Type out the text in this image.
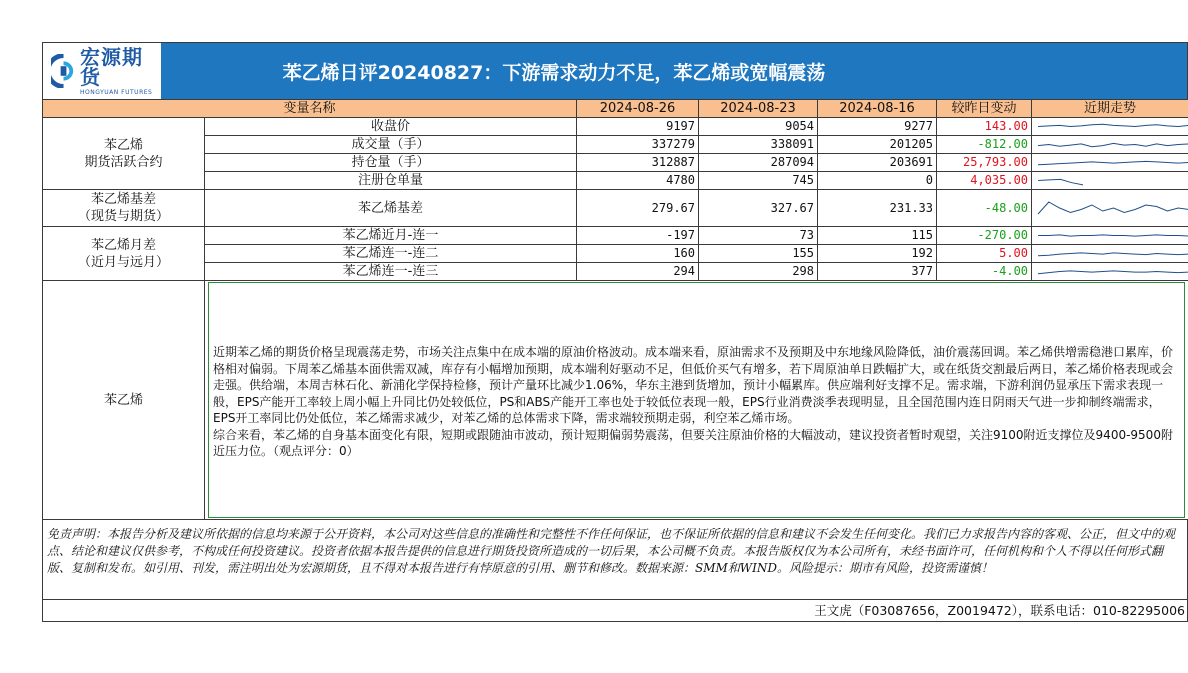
宏源期货
HONGYUAN FUTURES
苯乙烯日评20240827：下游需求动力不足，苯乙烯或宽幅震荡
变量名称		2024-08-26	2024-08-23	2024-08-16	较昨日变动	近期走势
苯乙烯
期货活跃合约	收盘价	9197	9054	9277	143.00	

	成交量（手）	337279	338091	201205	-812.00	

	持仓量（手）	312887	287094	203691	25,793.00	

	注册仓单量	4780	745	0	4,035.00	

苯乙烯基差
（现货与期货）	苯乙烯基差	279.67	327.67	231.33	-48.00	

苯乙烯月差
（近月与远月）	苯乙烯近月-连一	-197	73	115	-270.00	

	苯乙烯连一-连二	160	155	192	5.00	

	苯乙烯连一-连三	294	298	377	-4.00	

苯乙烯	近期苯乙烯的期货价格呈现震荡走势，市场关注点集中在成本端的原油价格波动。成本端来看，原油需求不及预期及中东地缘风险降低，油价震荡回调。苯乙烯供增需稳港口累库，价格相对偏弱。下周苯乙烯基本面供需双减，库存有小幅增加预期，成本端利好驱动不足，但低价买气有增多，若下周原油单日跌幅扩大，或在纸货交割最后两日，苯乙烯价格表现或会走强。供给端，本周吉林石化、新浦化学保持检修，预计产量环比减少1.06%，华东主港到货增加，预计小幅累库。供应端利好支撑不足。需求端，下游利润仍显承压下需求表现一般，EPS产能开工率较上周小幅上升同比仍处较低位，PS和ABS产能开工率也处于较低位表现一般，EPS行业消费淡季表现明显，且全国范围内连日阴雨天气进一步抑制终端需求，EPS开工率同比仍处低位，苯乙烯需求减少，对苯乙烯的总体需求下降，需求端较预期走弱，利空苯乙烯市场。

综合来看，苯乙烯的自身基本面变化有限，短期或跟随油市波动，预计短期偏弱势震荡，但要关注原油价格的大幅波动，建议投资者暂时观望，关注9100附近支撑位及9400-9500附近压力位。（观点评分：0）					

免责声明：本报告分析及建议所依据的信息均来源于公开资料，本公司对这些信息的准确性和完整性不作任何保证，也不保证所依据的信息和建议不会发生任何变化。我们已力求报告内容的客观、公正，但文中的观点、结论和建议仅供参考，不构成任何投资建议。投资者依据本报告提供的信息进行期货投资所造成的一切后果，本公司概不负责。本报告版权仅为本公司所有，未经书面许可，任何机构和个人不得以任何形式翻版、复制和发布。如引用、刊发，需注明出处为宏源期货，且不得对本报告进行有悖原意的引用、删节和修改。数据来源：SMM和WIND。风险提示：期市有风险，投资需谨慎！
王文虎（F03087656，Z0019472），联系电话：010-82295006
